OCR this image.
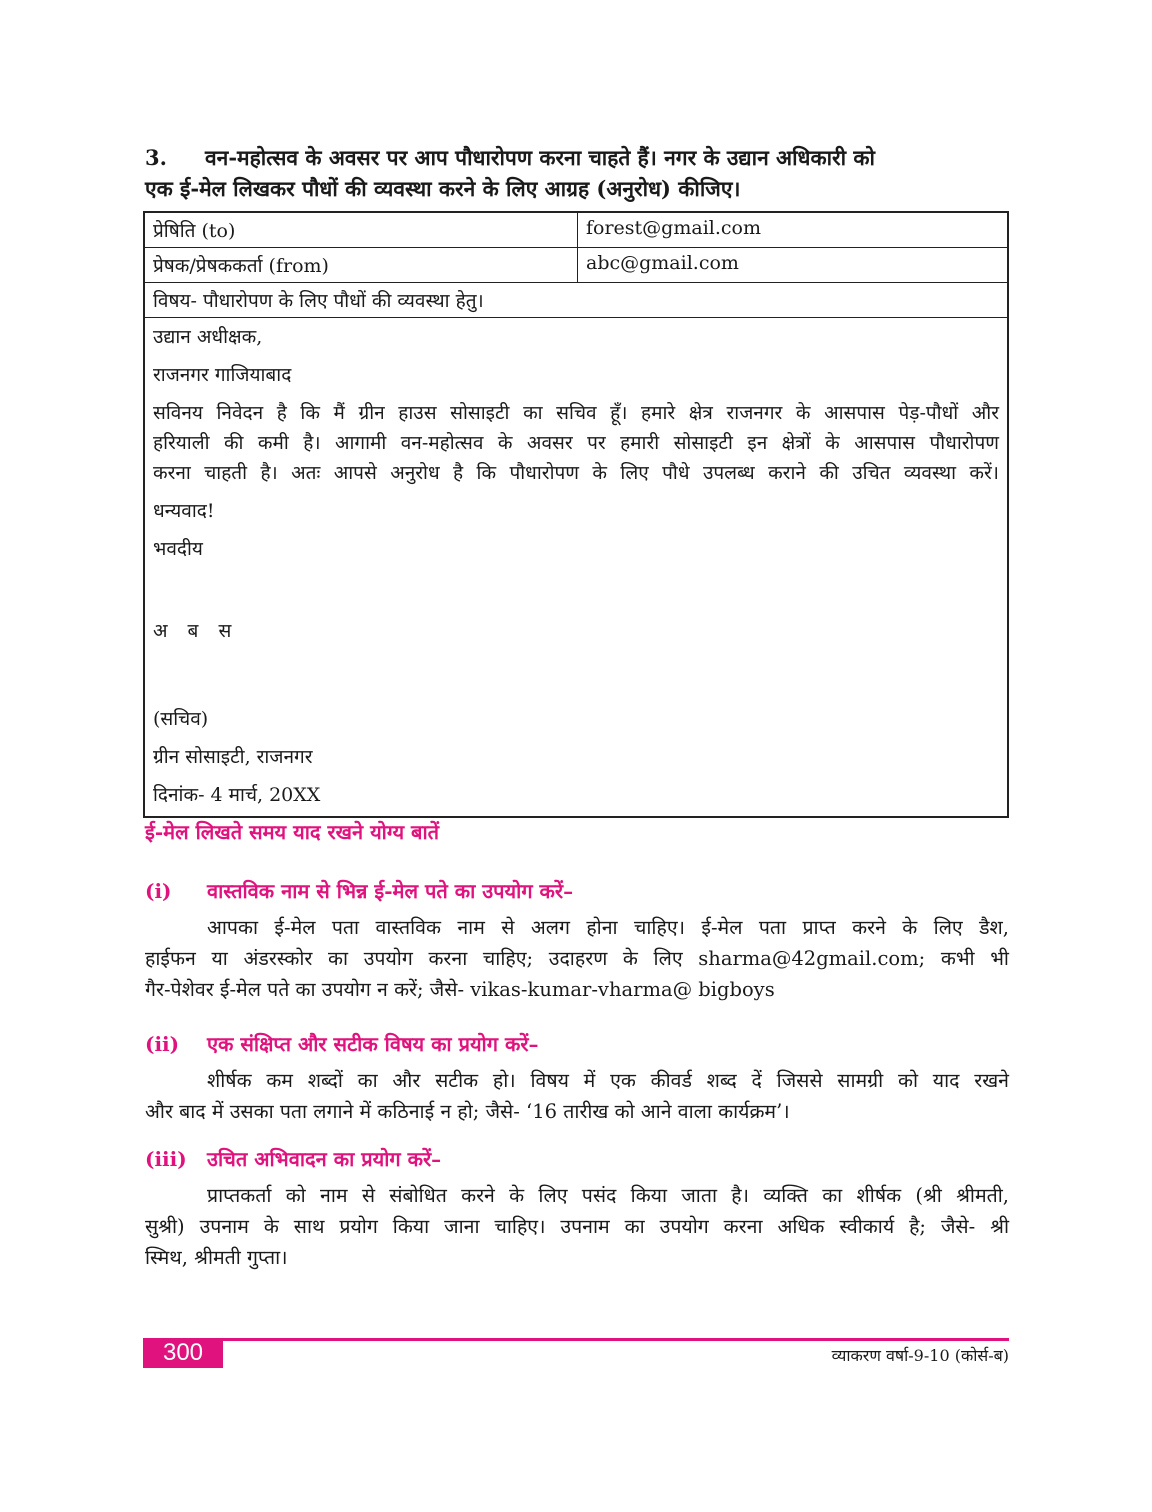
3. वन-महोत्सव के अवसर पर आप पौधारोपण करना चाहते हैं। नगर के उद्यान अधिकारी को
एक ई-मेल लिखकर पौधों की व्यवस्था करने के लिए आग्रह (अनुरोध) कीजिए।
प्रेषिति (to)	forest@gmail.com
प्रेषक/प्रेषककर्ता (from)	abc@gmail.com
विषय- पौधारोपण के लिए पौधों की व्यवस्था हेतु।
उद्यान अधीक्षक,
राजनगर गाजियाबाद
सविनय निवेदन है कि मैं ग्रीन हाउस सोसाइटी का सचिव हूँ। हमारे क्षेत्र राजनगर के आसपास पेड़-पौधों और
हरियाली की कमी है। आगामी वन-महोत्सव के अवसर पर हमारी सोसाइटी इन क्षेत्रों के आसपास पौधारोपण
करना चाहती है। अतः आपसे अनुरोध है कि पौधारोपण के लिए पौधे उपलब्ध कराने की उचित व्यवस्था करें।
धन्यवाद!
भवदीय
अ ब स
(सचिव)
ग्रीन सोसाइटी, राजनगर
दिनांक- 4 मार्च, 20XX
ई-मेल लिखते समय याद रखने योग्य बातें
(i) वास्तविक नाम से भिन्न ई-मेल पते का उपयोग करें–
आपका ई-मेल पता वास्तविक नाम से अलग होना चाहिए। ई-मेल पता प्राप्त करने के लिए डैश,
हाईफन या अंडरस्कोर का उपयोग करना चाहिए; उदाहरण के लिए sharma@42gmail.com; कभी भी
गैर-पेशेवर ई-मेल पते का उपयोग न करें; जैसे- vikas-kumar-vharma@ bigboys
(ii) एक संक्षिप्त और सटीक विषय का प्रयोग करें–
शीर्षक कम शब्दों का और सटीक हो। विषय में एक कीवर्ड शब्द दें जिससे सामग्री को याद रखने
और बाद में उसका पता लगाने में कठिनाई न हो; जैसे- ‘16 तारीख को आने वाला कार्यक्रम’।
(iii) उचित अभिवादन का प्रयोग करें–
प्राप्तकर्ता को नाम से संबोधित करने के लिए पसंद किया जाता है। व्यक्ति का शीर्षक (श्री श्रीमती,
सुश्री) उपनाम के साथ प्रयोग किया जाना चाहिए। उपनाम का उपयोग करना अधिक स्वीकार्य है; जैसे- श्री
स्मिथ, श्रीमती गुप्ता।
300	व्याकरण वर्षा-9-10 (कोर्स-ब)
